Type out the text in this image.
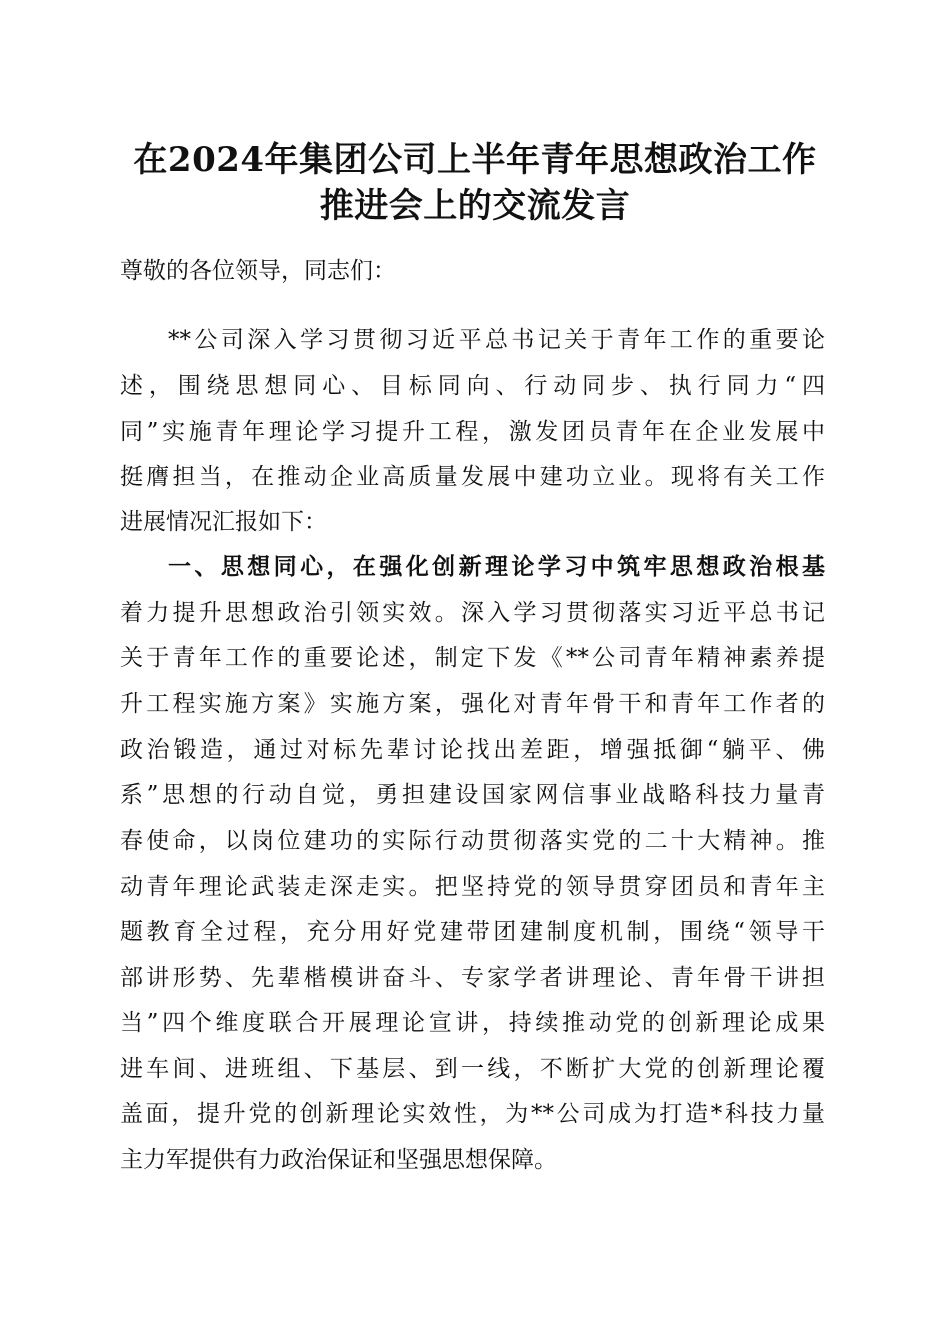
在2024年集团公司上半年青年思想政治工作
推进会上的交流发言
尊敬的各位领导，同志们：
**公司深入学习贯彻习近平总书记关于青年工作的重要论
述，围绕思想同心、目标同向、行动同步、执行同力“四
同”实施青年理论学习提升工程，激发团员青年在企业发展中
挺膺担当，在推动企业高质量发展中建功立业。现将有关工作
进展情况汇报如下：
一、思想同心，在强化创新理论学习中筑牢思想政治根基
着力提升思想政治引领实效。深入学习贯彻落实习近平总书记
关于青年工作的重要论述，制定下发《**公司青年精神素养提
升工程实施方案》实施方案，强化对青年骨干和青年工作者的
政治锻造，通过对标先辈讨论找出差距，增强抵御“躺平、佛
系”思想的行动自觉，勇担建设国家网信事业战略科技力量青
春使命，以岗位建功的实际行动贯彻落实党的二十大精神。推
动青年理论武装走深走实。把坚持党的领导贯穿团员和青年主
题教育全过程，充分用好党建带团建制度机制，围绕“领导干
部讲形势、先辈楷模讲奋斗、专家学者讲理论、青年骨干讲担
当”四个维度联合开展理论宣讲，持续推动党的创新理论成果
进车间、进班组、下基层、到一线，不断扩大党的创新理论覆
盖面，提升党的创新理论实效性，为**公司成为打造*科技力量
主力军提供有力政治保证和坚强思想保障。
